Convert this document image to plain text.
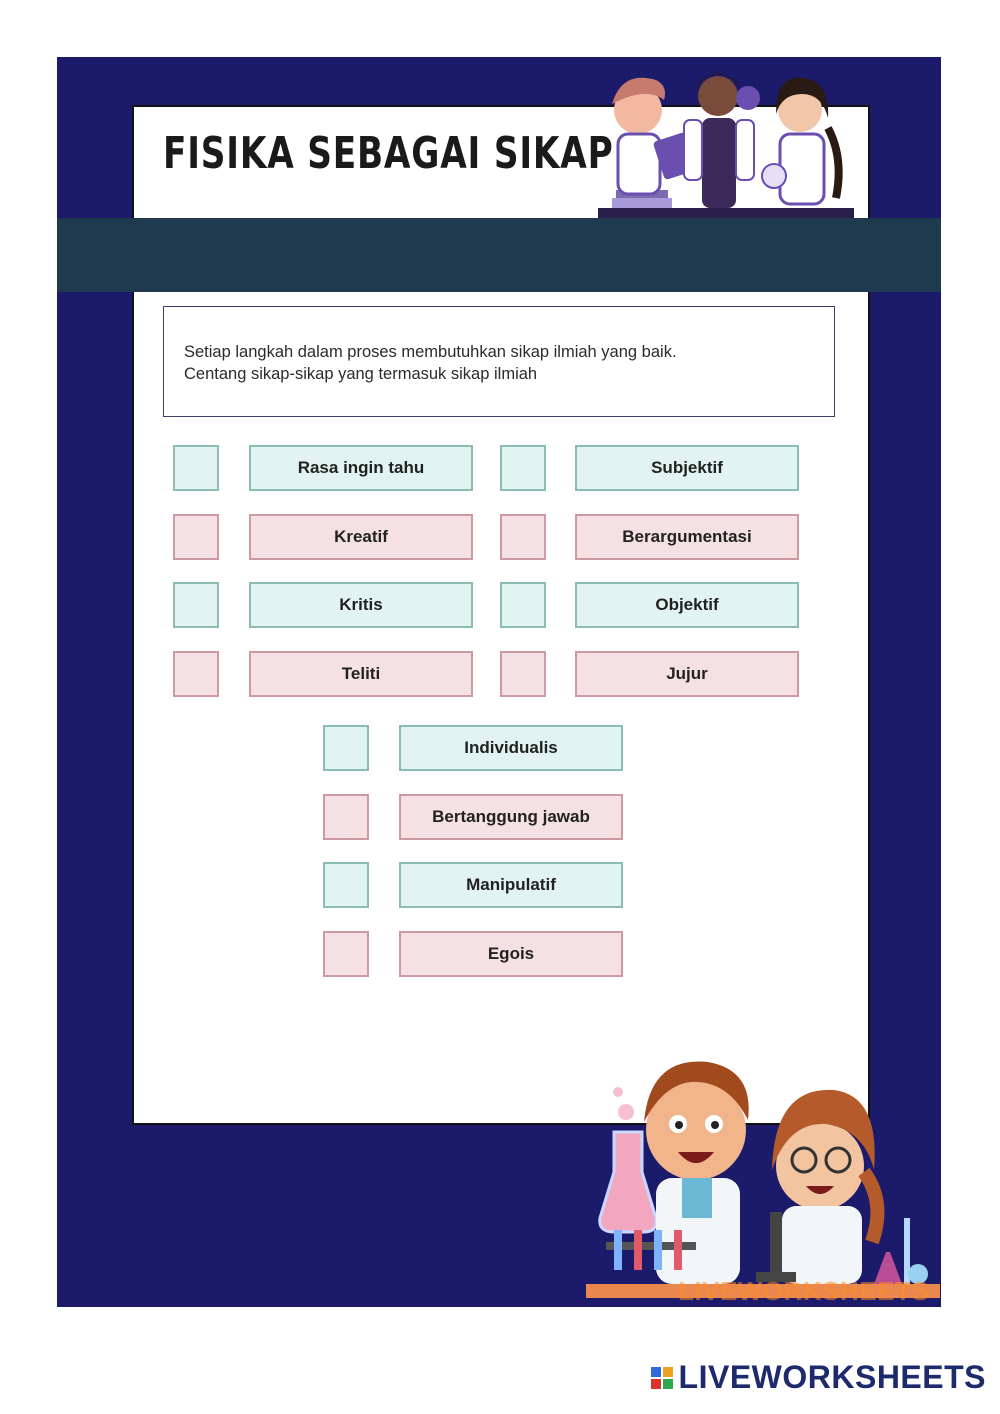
FISIKA SEBAGAI SIKAP

Setiap langkah dalam proses membutuhkan sikap ilmiah yang baik.

Centang sikap-sikap yang termasuk sikap ilmiah

Rasa ingin tahu	Subjektif
Kreatif	Berargumentasi
Kritis	Objektif
Teliti	Jujur
Individualis
Bertanggung jawab
Manipulatif
Egois
LIVEWORKSHEETS
LIVEWORKSHEETS
